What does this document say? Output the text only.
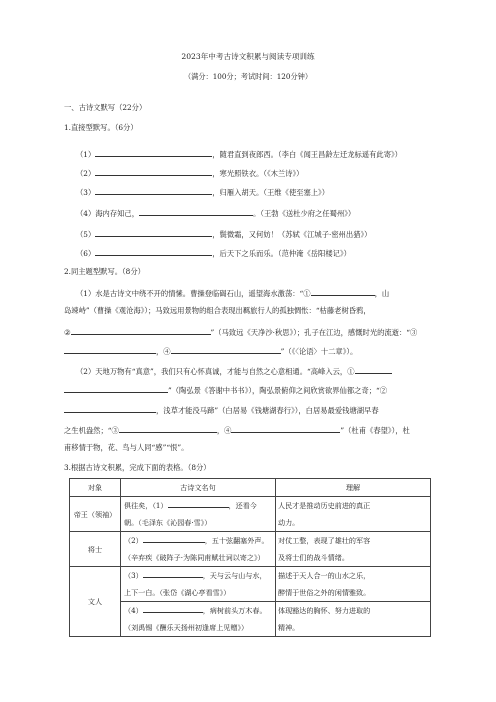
2023年中考古诗文积累与阅读专项训练
（满分：100分；考试时间：120分钟）
一、古诗文默写（22分）
1.直接型默写。（6分）
（1）	，随君直到夜郎西。（李白《闻王昌龄左迁龙标遥有此寄》）
（2）	，寒光照铁衣。（《木兰诗》）
（3）	，归雁入胡天。（王维《使至塞上》）
（4）海内存知己，	。（王勃《送杜少府之任蜀州》）
（5）	，鬓微霜，又何妨！（苏轼《江城子·密州出猎》）
（6）	，后天下之乐而乐。（范仲淹《岳阳楼记》）
2.同主题型默写。（8分）
（1）水是古诗文中绕不开的情愫。曹操登临碣石山，遥望海水激荡：“①	，山
岛竦峙”（曹操《观沧海》）；马致远用景物的组合表现出羁旅行人的孤独惆怅：“枯藤老树昏鸦，
②	”（马致远《天净沙·秋思》）；孔子在江边，感慨时光的流逝：“③
，④	”（《〈论语〉十二章》）。
（2）天地万物有“真意”，我们只有心怀真诚，才能与自然之心意相通。“高峰入云，①
”（陶弘景《答谢中书书》），陶弘景俯仰之间欣赏欲界仙都之奇；“②
，浅草才能没马蹄”（白居易《钱塘湖春行》），白居易最爱钱塘湖早春
之生机盎然；“③	，④	”（杜甫《春望》），杜
甫移情于物，花、鸟与人同“感”“恨”。
3.根据古诗文积累，完成下面的表格。（8分）
对象	古诗文名句	理解
帝王（领袖）	俱往矣，（1） ，还看今
朝。（毛泽东《沁园春·雪》）	人民才是推动历史前进的真正
动力。

将士	（2） ，五十弦翻塞外声。
（辛弃疾《破阵子·为陈同甫赋壮词以寄之》）	对仗工整，表现了雄壮的军容
及将士们的战斗情绪。

文人	（3） ，天与云与山与水，
上下一白。（张岱《湖心亭看雪》）	描述于天人合一的山水之乐，
醉情于世俗之外的闲情雅致。

	（4） ，病树前头万木春。
（刘禹锡《酬乐天扬州初逢席上见赠》）	体现豁达的胸怀、努力进取的
精神。
